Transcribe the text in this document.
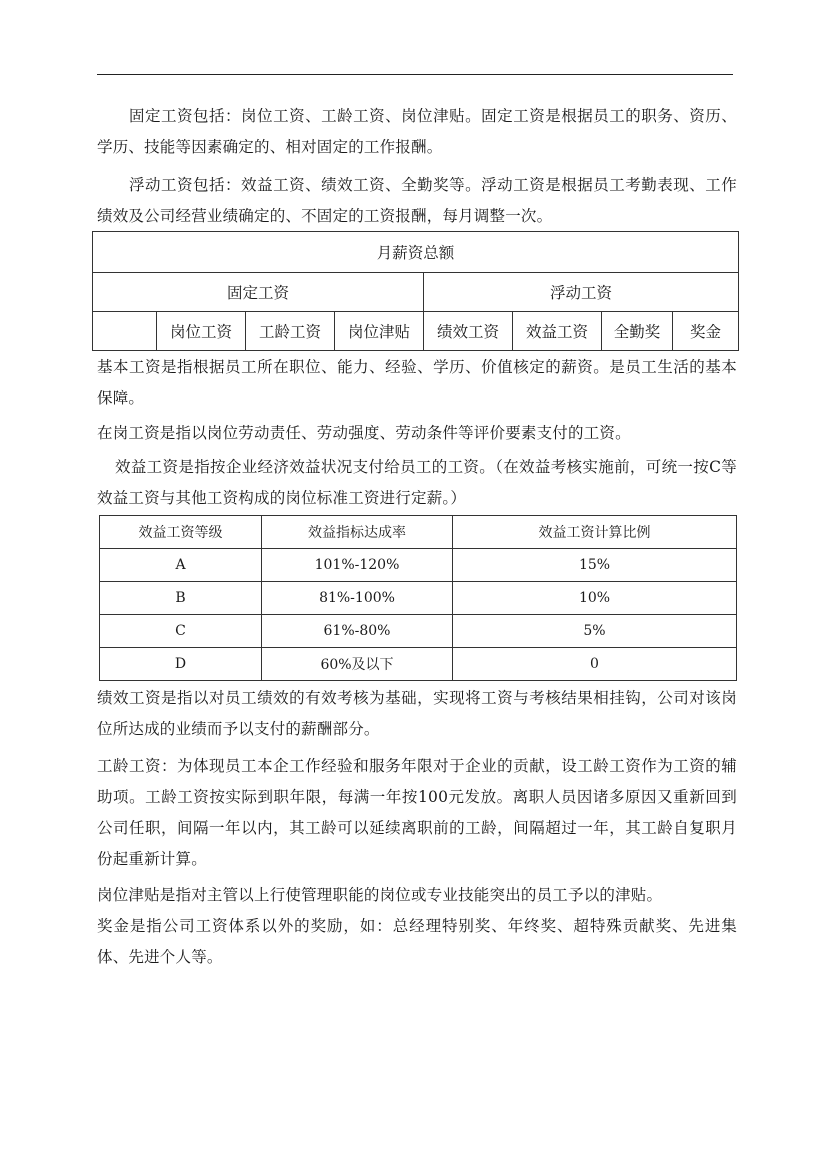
固定工资包括：岗位工资、工龄工资、岗位津贴。固定工资是根据员工的职务、资历、学历、技能等因素确定的、相对固定的工作报酬。

浮动工资包括：效益工资、绩效工资、全勤奖等。浮动工资是根据员工考勤表现、工作绩效及公司经营业绩确定的、不固定的工资报酬，每月调整一次。

月薪资总额							
固定工资				浮动工资			
	岗位工资	工龄工资	岗位津贴	绩效工资	效益工资	全勤奖	奖金

基本工资是指根据员工所在职位、能力、经验、学历、价值核定的薪资。是员工生活的基本保障。

在岗工资是指以岗位劳动责任、劳动强度、劳动条件等评价要素支付的工资。

效益工资是指按企业经济效益状况支付给员工的工资。（在效益考核实施前，可统一按C等效益工资与其他工资构成的岗位标准工资进行定薪。）

效益工资等级	效益指标达成率	效益工资计算比例
A	101%-120%	15%
B	81%-100%	10%
C	61%-80%	5%
D	60%及以下	0

绩效工资是指以对员工绩效的有效考核为基础，实现将工资与考核结果相挂钩，公司对该岗位所达成的业绩而予以支付的薪酬部分。

工龄工资：为体现员工本企工作经验和服务年限对于企业的贡献，设工龄工资作为工资的辅助项。工龄工资按实际到职年限，每满一年按100元发放。离职人员因诸多原因又重新回到公司任职，间隔一年以内，其工龄可以延续离职前的工龄，间隔超过一年，其工龄自复职月份起重新计算。

岗位津贴是指对主管以上行使管理职能的岗位或专业技能突出的员工予以的津贴。

奖金是指公司工资体系以外的奖励，如：总经理特别奖、年终奖、超特殊贡献奖、先进集体、先进个人等。
